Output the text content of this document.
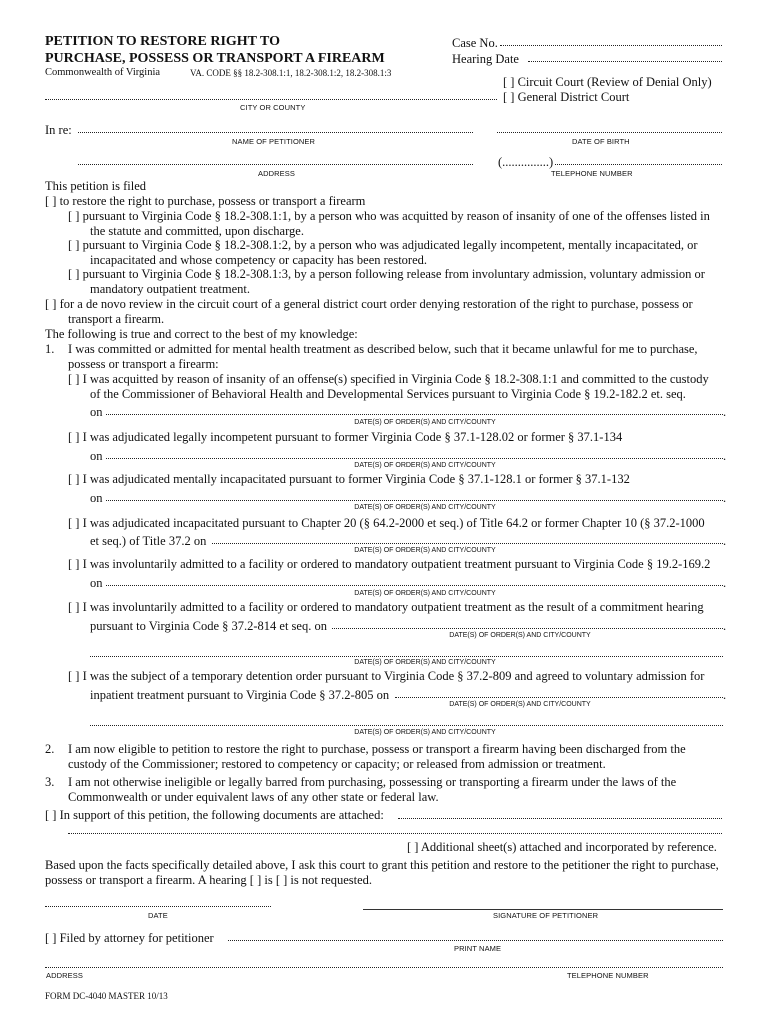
PETITION TO RESTORE RIGHT TO
PURCHASE, POSSESS OR TRANSPORT A FIREARM
Commonwealth of Virginia	VA. CODE §§ 18.2-308.1:1, 18.2-308.1:2, 18.2-308.1:3
Case No.
Hearing Date
[ ] Circuit Court (Review of Denial Only)
[ ] General District Court
CITY OR COUNTY
In re:
NAME OF PETITIONER	DATE OF BIRTH
(...............)
ADDRESS	TELEPHONE NUMBER
This petition is filed
[ ] to restore the right to purchase, possess or transport a firearm
[ ] pursuant to Virginia Code § 18.2-308.1:1, by a person who was acquitted by reason of insanity of one of the offenses listed in
the statute and committed, upon discharge.
[ ] pursuant to Virginia Code § 18.2-308.1:2, by a person who was adjudicated legally incompetent, mentally incapacitated, or
incapacitated and whose competency or capacity has been restored.
[ ] pursuant to Virginia Code § 18.2-308.1:3, by a person following release from involuntary admission, voluntary admission or
mandatory outpatient treatment.
[ ] for a de novo review in the circuit court of a general district court order denying restoration of the right to purchase, possess or
transport a firearm.
The following is true and correct to the best of my knowledge:
1. I was committed or admitted for mental health treatment as described below, such that it became unlawful for me to purchase,
possess or transport a firearm:
[ ] I was acquitted by reason of insanity of an offense(s) specified in Virginia Code § 18.2-308.1:1 and committed to the custody
of the Commissioner of Behavioral Health and Developmental Services pursuant to Virginia Code § 19.2-182.2 et. seq.
on	.
DATE(S) OF ORDER(S) AND CITY/COUNTY
[ ] I was adjudicated legally incompetent pursuant to former Virginia Code § 37.1-128.02 or former § 37.1-134
on	.
DATE(S) OF ORDER(S) AND CITY/COUNTY
[ ] I was adjudicated mentally incapacitated pursuant to former Virginia Code § 37.1-128.1 or former § 37.1-132
on	.
DATE(S) OF ORDER(S) AND CITY/COUNTY
[ ] I was adjudicated incapacitated pursuant to Chapter 20 (§ 64.2-2000 et seq.) of Title 64.2 or former Chapter 10 (§ 37.2-1000
et seq.) of Title 37.2 on	.
DATE(S) OF ORDER(S) AND CITY/COUNTY
[ ] I was involuntarily admitted to a facility or ordered to mandatory outpatient treatment pursuant to Virginia Code § 19.2-169.2
on	.
DATE(S) OF ORDER(S) AND CITY/COUNTY
[ ] I was involuntarily admitted to a facility or ordered to mandatory outpatient treatment as the result of a commitment hearing
pursuant to Virginia Code § 37.2-814 et seq. on	.
DATE(S) OF ORDER(S) AND CITY/COUNTY
DATE(S) OF ORDER(S) AND CITY/COUNTY
[ ] I was the subject of a temporary detention order pursuant to Virginia Code § 37.2-809 and agreed to voluntary admission for
inpatient treatment pursuant to Virginia Code § 37.2-805 on	.
DATE(S) OF ORDER(S) AND CITY/COUNTY
DATE(S) OF ORDER(S) AND CITY/COUNTY
2. I am now eligible to petition to restore the right to purchase, possess or transport a firearm having been discharged from the
custody of the Commissioner; restored to competency or capacity; or released from admission or treatment.
3. I am not otherwise ineligible or legally barred from purchasing, possessing or transporting a firearm under the laws of the
Commonwealth or under equivalent laws of any other state or federal law.
[ ] In support of this petition, the following documents are attached:
[ ] Additional sheet(s) attached and incorporated by reference.
Based upon the facts specifically detailed above, I ask this court to grant this petition and restore to the petitioner the right to purchase,
possess or transport a firearm. A hearing [ ] is [ ] is not requested.
DATE	SIGNATURE OF PETITIONER
[ ] Filed by attorney for petitioner
PRINT NAME
ADDRESS	TELEPHONE NUMBER
FORM DC-4040 MASTER 10/13
